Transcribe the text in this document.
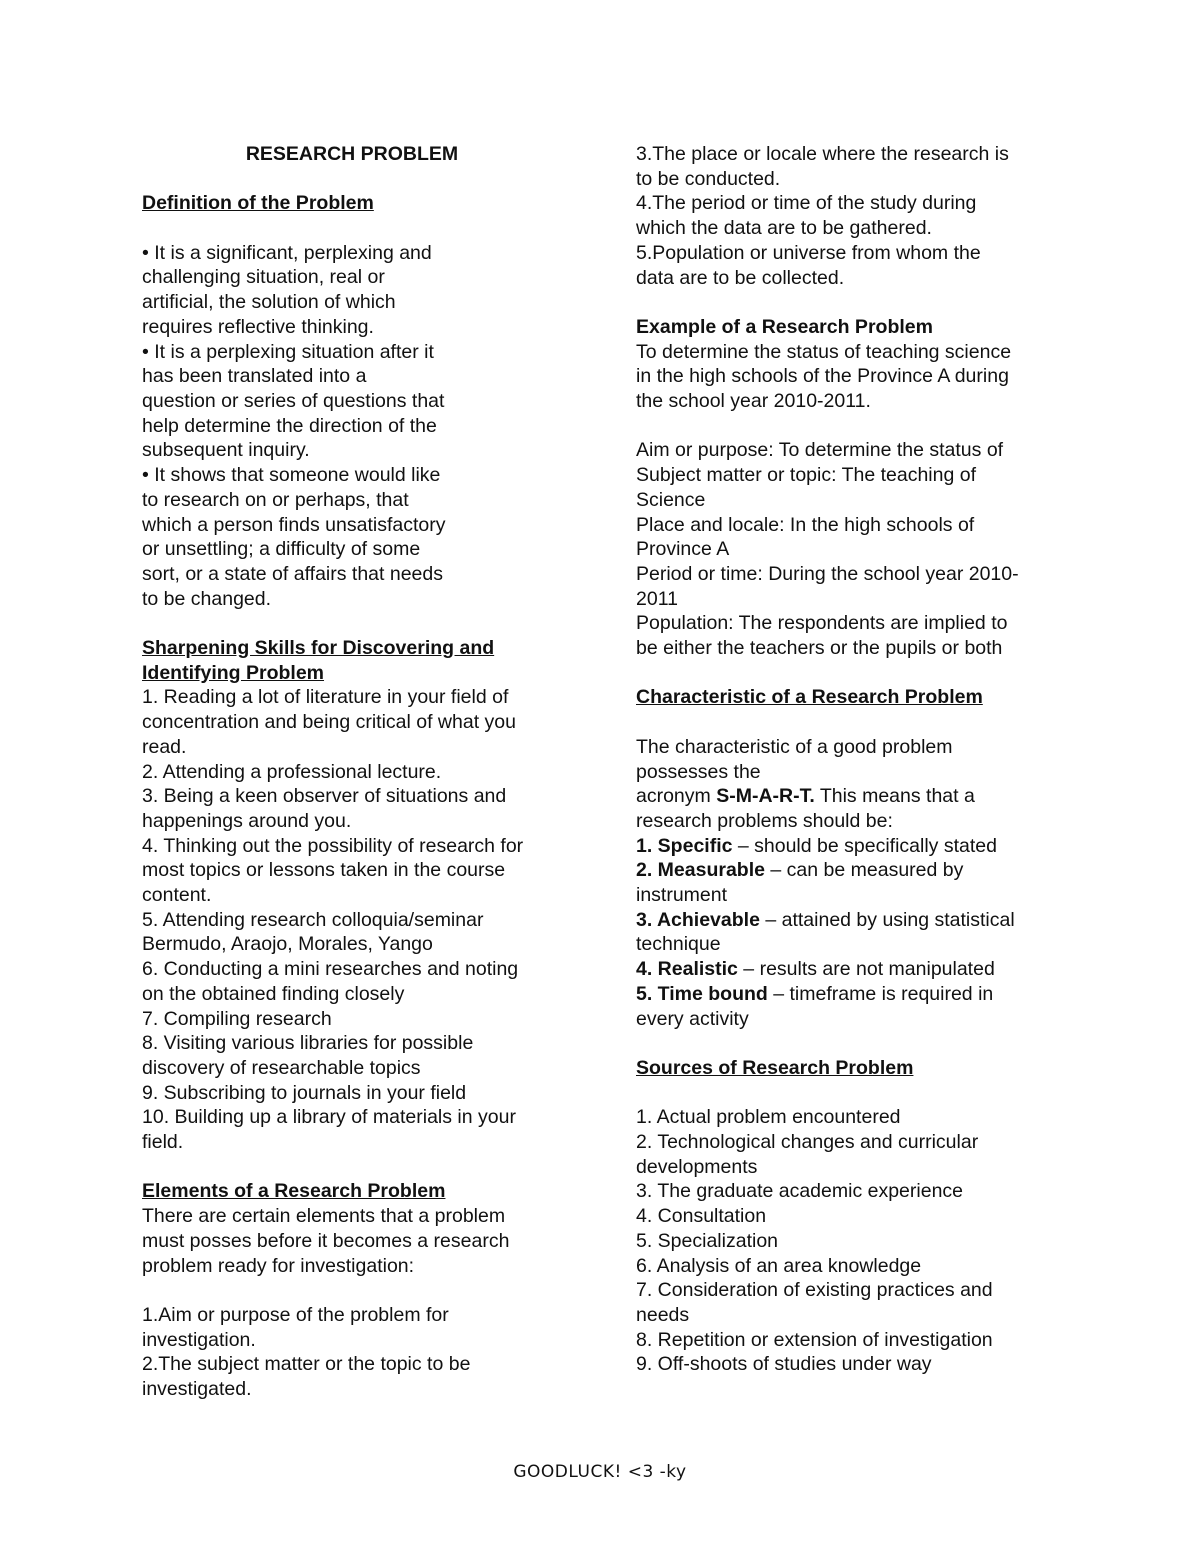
RESEARCH PROBLEM
Definition of the Problem
• It is a significant, perplexing and
challenging situation, real or
artificial, the solution of which
requires reflective thinking.
• It is a perplexing situation after it
has been translated into a
question or series of questions that
help determine the direction of the
subsequent inquiry.
• It shows that someone would like
to research on or perhaps, that
which a person finds unsatisfactory
or unsettling; a difficulty of some
sort, or a state of affairs that needs
to be changed.
Sharpening Skills for Discovering and
Identifying Problem
1. Reading a lot of literature in your field of
concentration and being critical of what you
read.
2. Attending a professional lecture.
3. Being a keen observer of situations and
happenings around you.
4. Thinking out the possibility of research for
most topics or lessons taken in the course
content.
5. Attending research colloquia/seminar
Bermudo, Araojo, Morales, Yango
6. Conducting a mini researches and noting
on the obtained finding closely
7. Compiling research
8. Visiting various libraries for possible
discovery of researchable topics
9. Subscribing to journals in your field
10. Building up a library of materials in your
field.
Elements of a Research Problem
There are certain elements that a problem
must posses before it becomes a research
problem ready for investigation:
1.Aim or purpose of the problem for
investigation.
2.The subject matter or the topic to be
investigated.
3.The place or locale where the research is
to be conducted.
4.The period or time of the study during
which the data are to be gathered.
5.Population or universe from whom the
data are to be collected.
Example of a Research Problem
To determine the status of teaching science
in the high schools of the Province A during
the school year 2010-2011.
Aim or purpose: To determine the status of
Subject matter or topic: The teaching of
Science
Place and locale: In the high schools of
Province A
Period or time: During the school year 2010-
2011
Population: The respondents are implied to
be either the teachers or the pupils or both
Characteristic of a Research Problem
The characteristic of a good problem
possesses the
acronym S-M-A-R-T. This means that a
research problems should be:
1. Specific – should be specifically stated
2. Measurable – can be measured by
instrument
3. Achievable – attained by using statistical
technique
4. Realistic – results are not manipulated
5. Time bound – timeframe is required in
every activity
Sources of Research Problem
1. Actual problem encountered
2. Technological changes and curricular
developments
3. The graduate academic experience
4. Consultation
5. Specialization
6. Analysis of an area knowledge
7. Consideration of existing practices and
needs
8. Repetition or extension of investigation
9. Off-shoots of studies under way
GOODLUCK! <3 -ky
